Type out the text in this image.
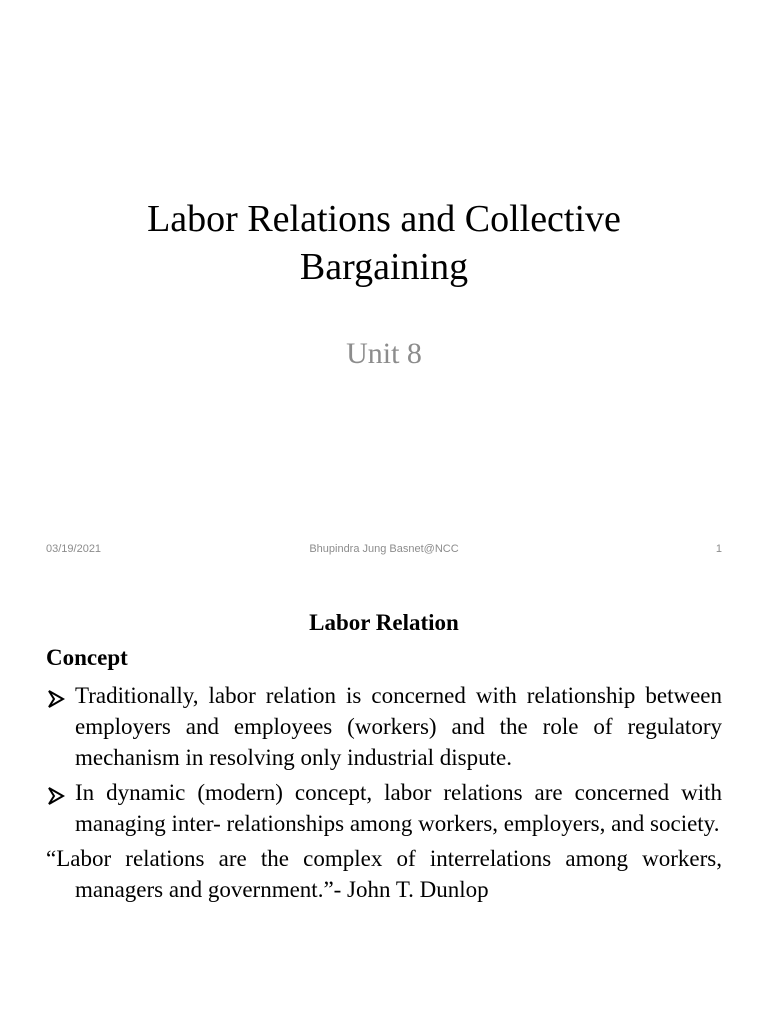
Labor Relations and Collective
Bargaining
Unit 8
03/19/2021	Bhupindra Jung Basnet@NCC	1
Labor Relation
Concept
Traditionally, labor relation is concerned with relationship between employers and employees (workers) and the role of regulatory mechanism in resolving only industrial dispute.
In dynamic (modern) concept, labor relations are concerned with managing inter- relationships among workers, employers, and society.
“Labor relations are the complex of interrelations among workers, managers and government.”- John T. Dunlop
